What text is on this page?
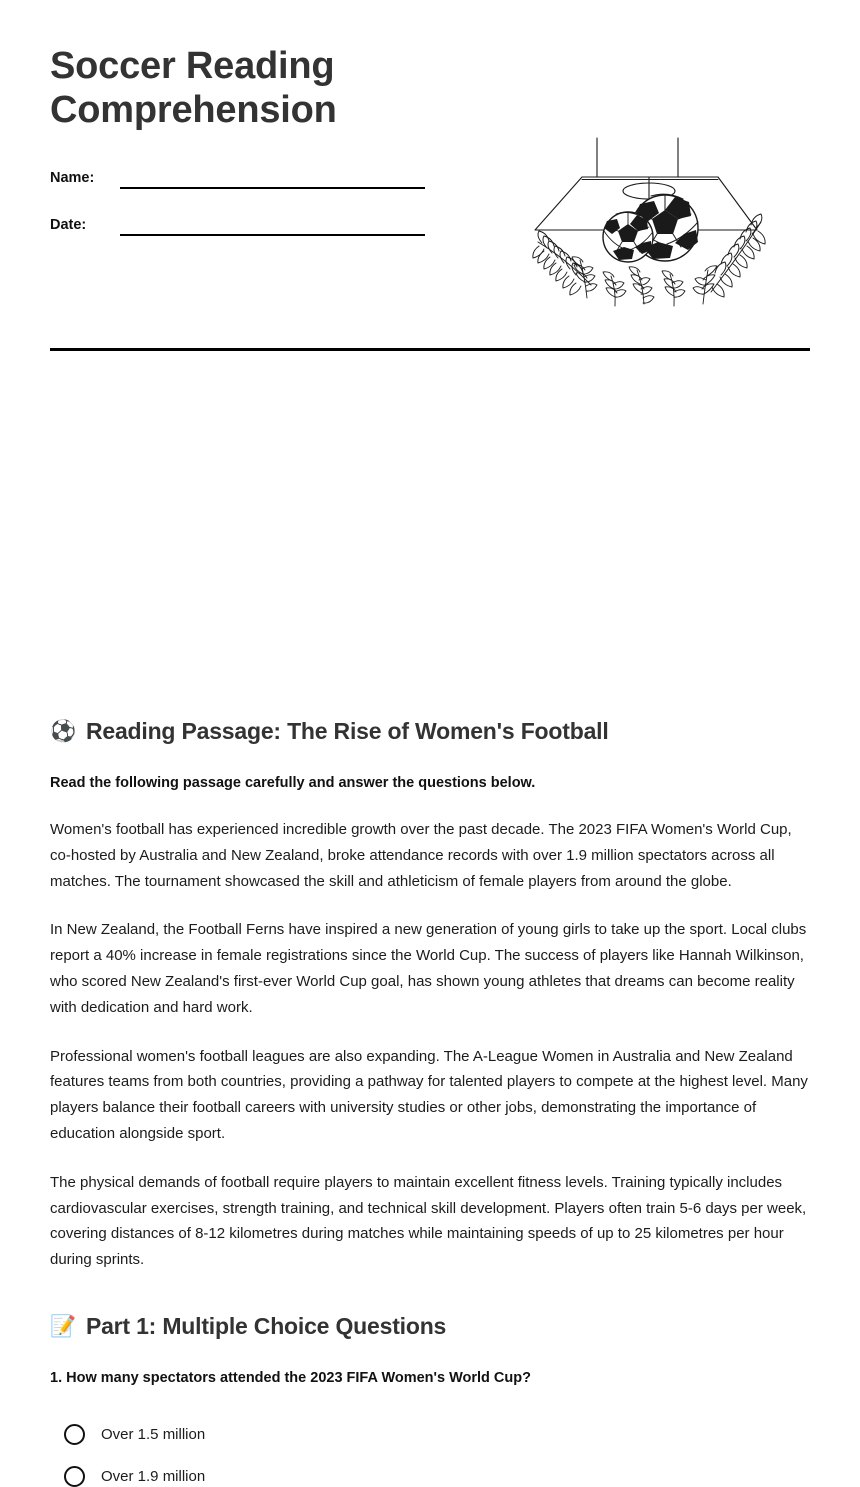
Soccer Reading Comprehension
Name:
Date:
⚽ Reading Passage: The Rise of Women's Football

Read the following passage carefully and answer the questions below.

Women's football has experienced incredible growth over the past decade. The 2023 FIFA Women's World Cup, co-hosted by Australia and New Zealand, broke attendance records with over 1.9 million spectators across all matches. The tournament showcased the skill and athleticism of female players from around the globe.

In New Zealand, the Football Ferns have inspired a new generation of young girls to take up the sport. Local clubs report a 40% increase in female registrations since the World Cup. The success of players like Hannah Wilkinson, who scored New Zealand's first-ever World Cup goal, has shown young athletes that dreams can become reality with dedication and hard work.

Professional women's football leagues are also expanding. The A-League Women in Australia and New Zealand features teams from both countries, providing a pathway for talented players to compete at the highest level. Many players balance their football careers with university studies or other jobs, demonstrating the importance of education alongside sport.

The physical demands of football require players to maintain excellent fitness levels. Training typically includes cardiovascular exercises, strength training, and technical skill development. Players often train 5-6 days per week, covering distances of 8-12 kilometres during matches while maintaining speeds of up to 25 kilometres per hour during sprints.

📝 Part 1: Multiple Choice Questions

1. How many spectators attended the 2023 FIFA Women's World Cup?

Over 1.5 million
Over 1.9 million
